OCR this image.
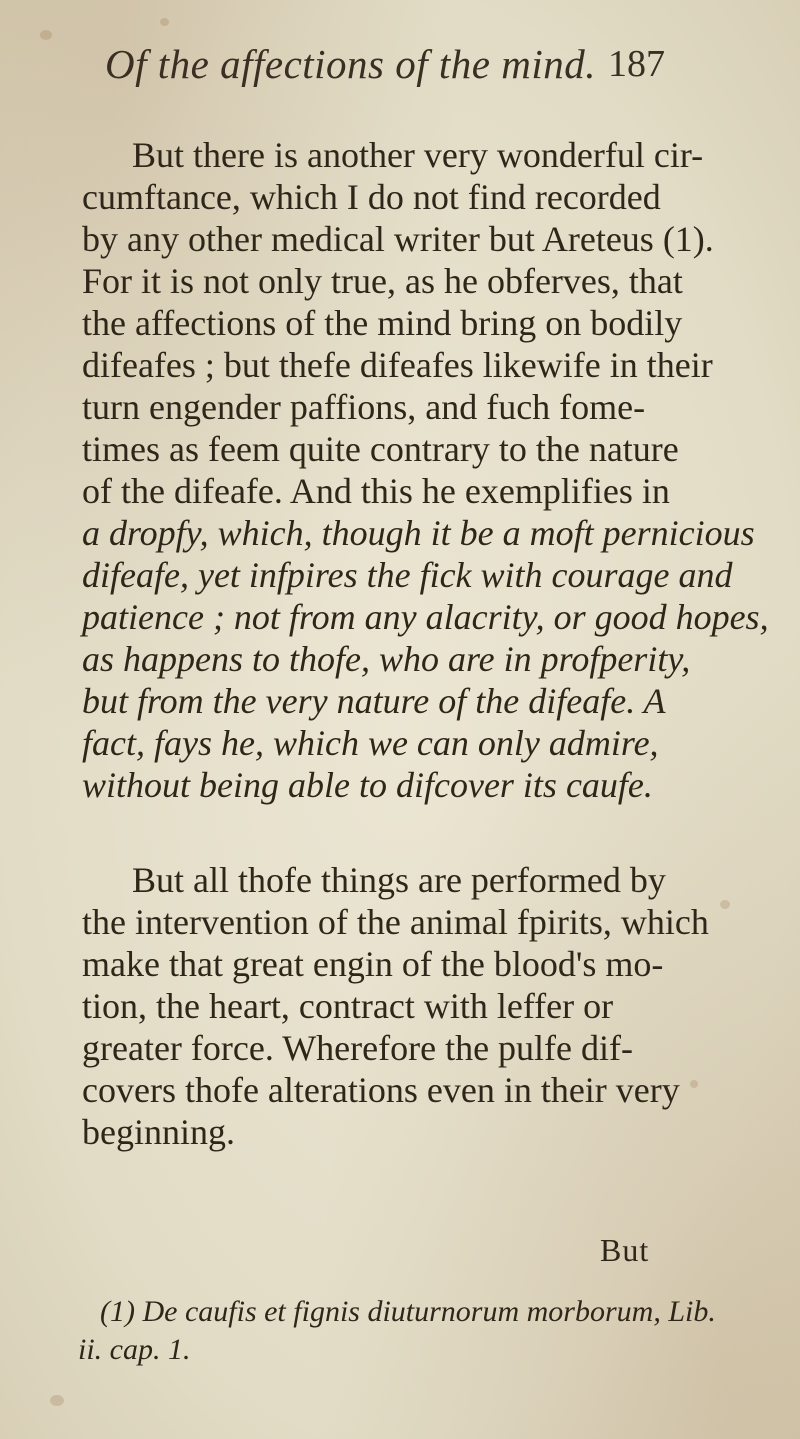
Of the affections of the mind. 187
But there is another very wonderful cir-
cumftance, which I do not find recorded
by any other medical writer but Areteus (1).
For it is not only true, as he obferves, that
the affections of the mind bring on bodily
difeafes ; but thefe difeafes likewife in their
turn engender paffions, and fuch fome-
times as feem quite contrary to the nature
of the difeafe. And this he exemplifies in
a dropfy, which, though it be a moft pernicious
difeafe, yet infpires the fick with courage and
patience ; not from any alacrity, or good hopes,
as happens to thofe, who are in profperity,
but from the very nature of the difeafe. A
fact, fays he, which we can only admire,
without being able to difcover its caufe.
But all thofe things are performed by
the intervention of the animal fpirits, which
make that great engin of the blood's mo-
tion, the heart, contract with leffer or
greater force. Wherefore the pulfe dif-
covers thofe alterations even in their very
beginning.
But
(1) De caufis et fignis diuturnorum morborum, Lib.
ii. cap. 1.
